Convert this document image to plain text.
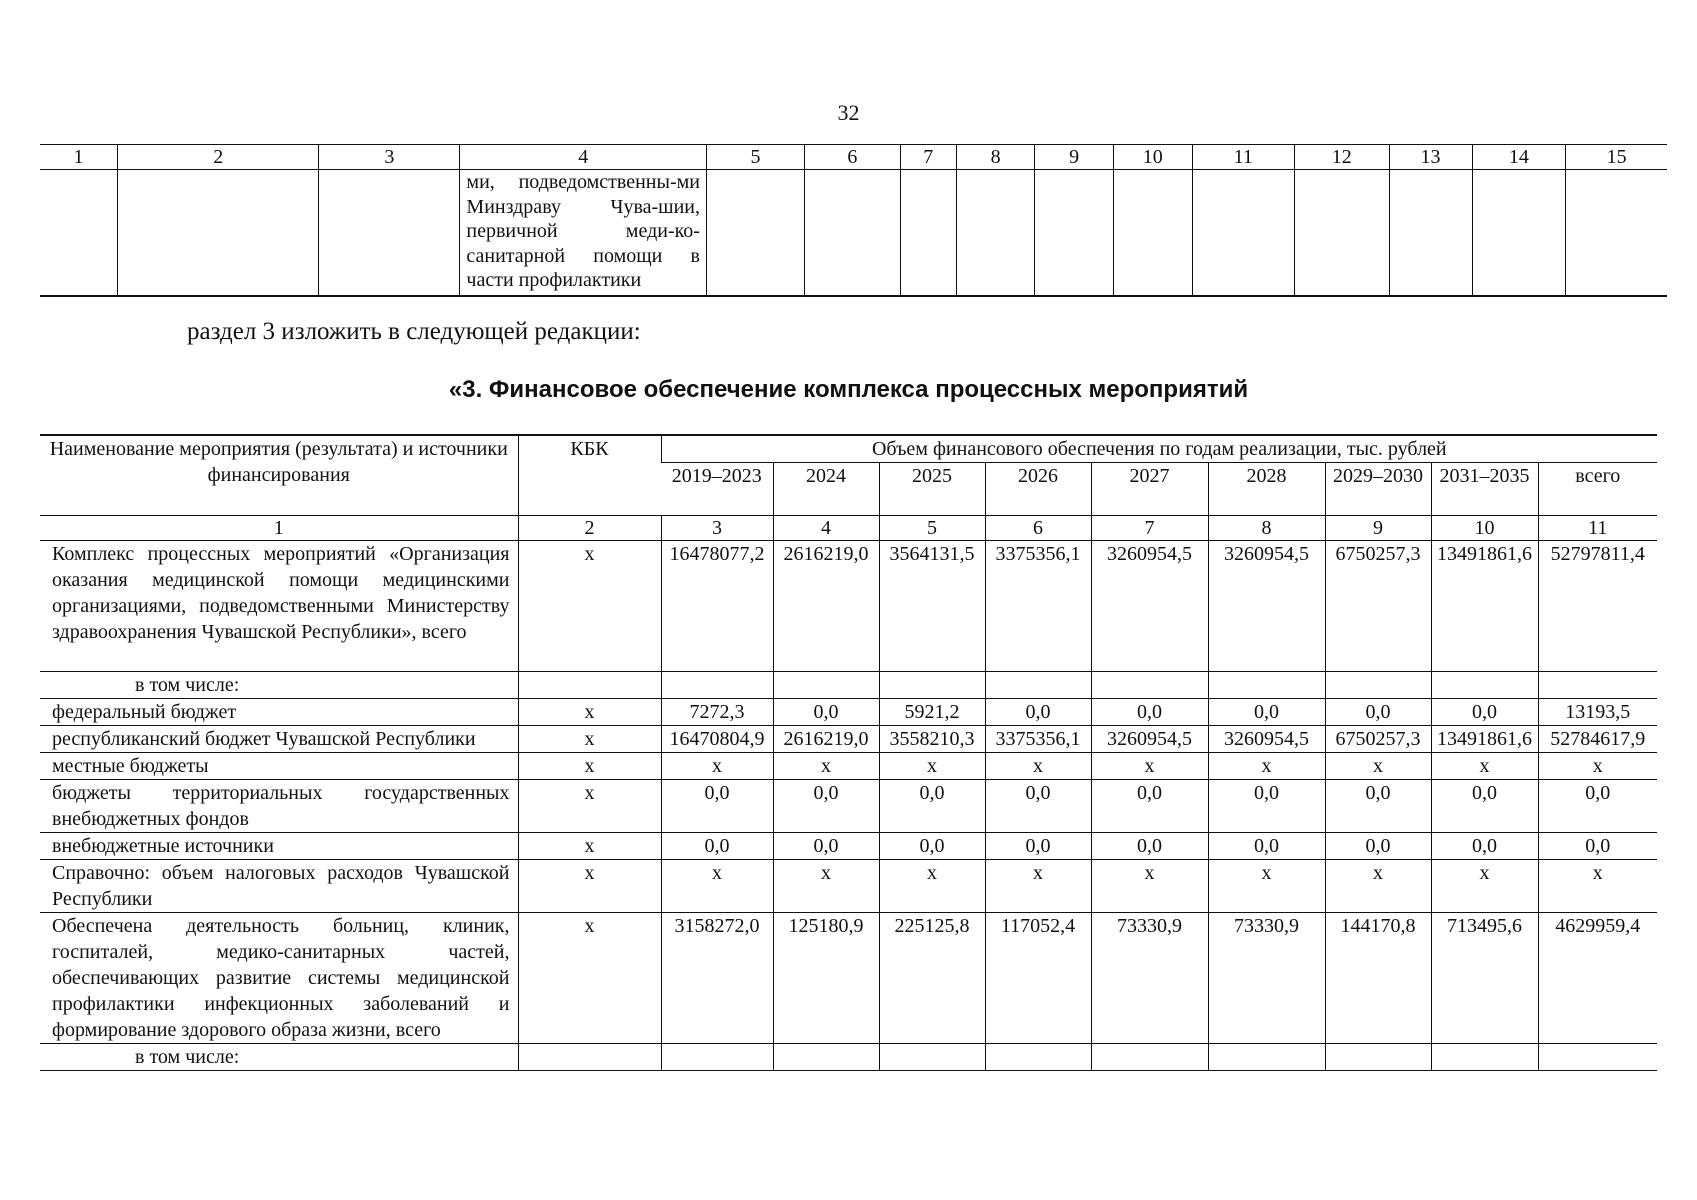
32
1	2	3	4	5	6	7	8	9	10	11	12	13	14	15
			ми, подведомственны-ми Минздраву Чува-шии, первичной меди-ко-санитарной помощи в части профилактики											
раздел 3 изложить в следующей редакции:
«3. Финансовое обеспечение комплекса процессных мероприятий
Наименование мероприятия (результата) и источники финансирования	КБК	Объем финансового обеспечения по годам реализации, тыс. рублей								
		2019–2023	2024	2025	2026	2027	2028	2029–2030	2031–2035	всего
1	2	3	4	5	6	7	8	9	10	11
Комплекс процессных мероприятий «Организация оказания медицинской помощи медицинскими организациями, подведомственными Министерству здравоохранения Чувашской Республики», всего	x	16478077,2	2616219,0	3564131,5	3375356,1	3260954,5	3260954,5	6750257,3	13491861,6	52797811,4
в том числе:										
федеральный бюджет	x	7272,3	0,0	5921,2	0,0	0,0	0,0	0,0	0,0	13193,5
республиканский бюджет Чувашской Республики	x	16470804,9	2616219,0	3558210,3	3375356,1	3260954,5	3260954,5	6750257,3	13491861,6	52784617,9
местные бюджеты	x	x	x	x	x	x	x	x	x	x
бюджеты территориальных государственных внебюджетных фондов	x	0,0	0,0	0,0	0,0	0,0	0,0	0,0	0,0	0,0
внебюджетные источники	x	0,0	0,0	0,0	0,0	0,0	0,0	0,0	0,0	0,0
Справочно: объем налоговых расходов Чувашской Республики	x	x	x	x	x	x	x	x	x	x
Обеспечена деятельность больниц, клиник, госпиталей, медико-санитарных частей, обеспечивающих развитие системы медицинской профилактики инфекционных заболеваний и формирование здорового образа жизни, всего	x	3158272,0	125180,9	225125,8	117052,4	73330,9	73330,9	144170,8	713495,6	4629959,4
в том числе:										
